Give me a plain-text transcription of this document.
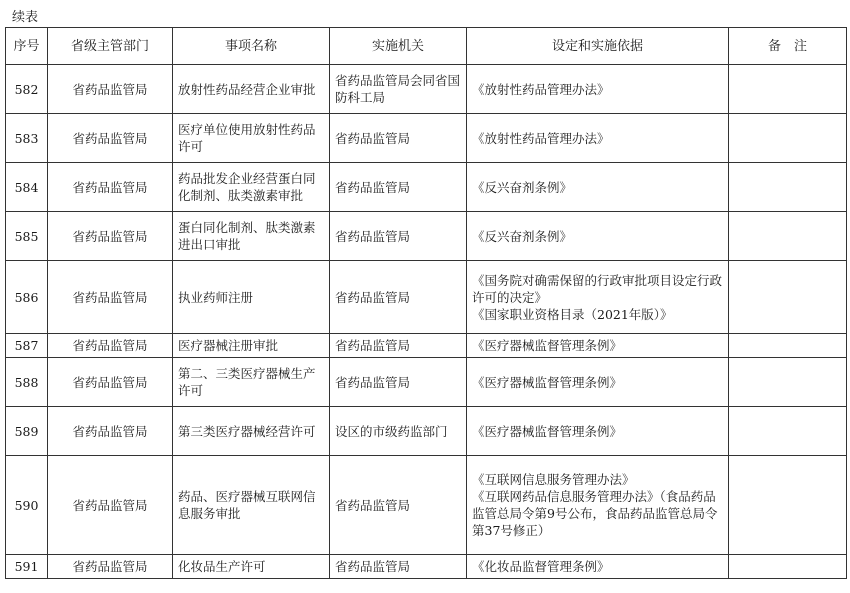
续表
序号	省级主管部门	事项名称	实施机关	设定和实施依据	备　注
582	省药品监管局	放射性药品经营企业审批	省药品监管局会同省国防科工局	《放射性药品管理办法》	

583	省药品监管局	医疗单位使用放射性药品许可	省药品监管局	《放射性药品管理办法》	

584	省药品监管局	药品批发企业经营蛋白同化制剂、肽类激素审批	省药品监管局	《反兴奋剂条例》	

585	省药品监管局	蛋白同化制剂、肽类激素进出口审批	省药品监管局	《反兴奋剂条例》	

586	省药品监管局	执业药师注册	省药品监管局	《国务院对确需保留的行政审批项目设定行政许可的决定》
《国家职业资格目录（2021年版）》	

587	省药品监管局	医疗器械注册审批	省药品监管局	《医疗器械监督管理条例》	

588	省药品监管局	第二、三类医疗器械生产许可	省药品监管局	《医疗器械监督管理条例》	

589	省药品监管局	第三类医疗器械经营许可	设区的市级药监部门	《医疗器械监督管理条例》	

590	省药品监管局	药品、医疗器械互联网信息服务审批	省药品监管局	《互联网信息服务管理办法》
《互联网药品信息服务管理办法》（食品药品监管总局令第9号公布，食品药品监管总局令第37号修正）	

591	省药品监管局	化妆品生产许可	省药品监管局	《化妆品监督管理条例》	
